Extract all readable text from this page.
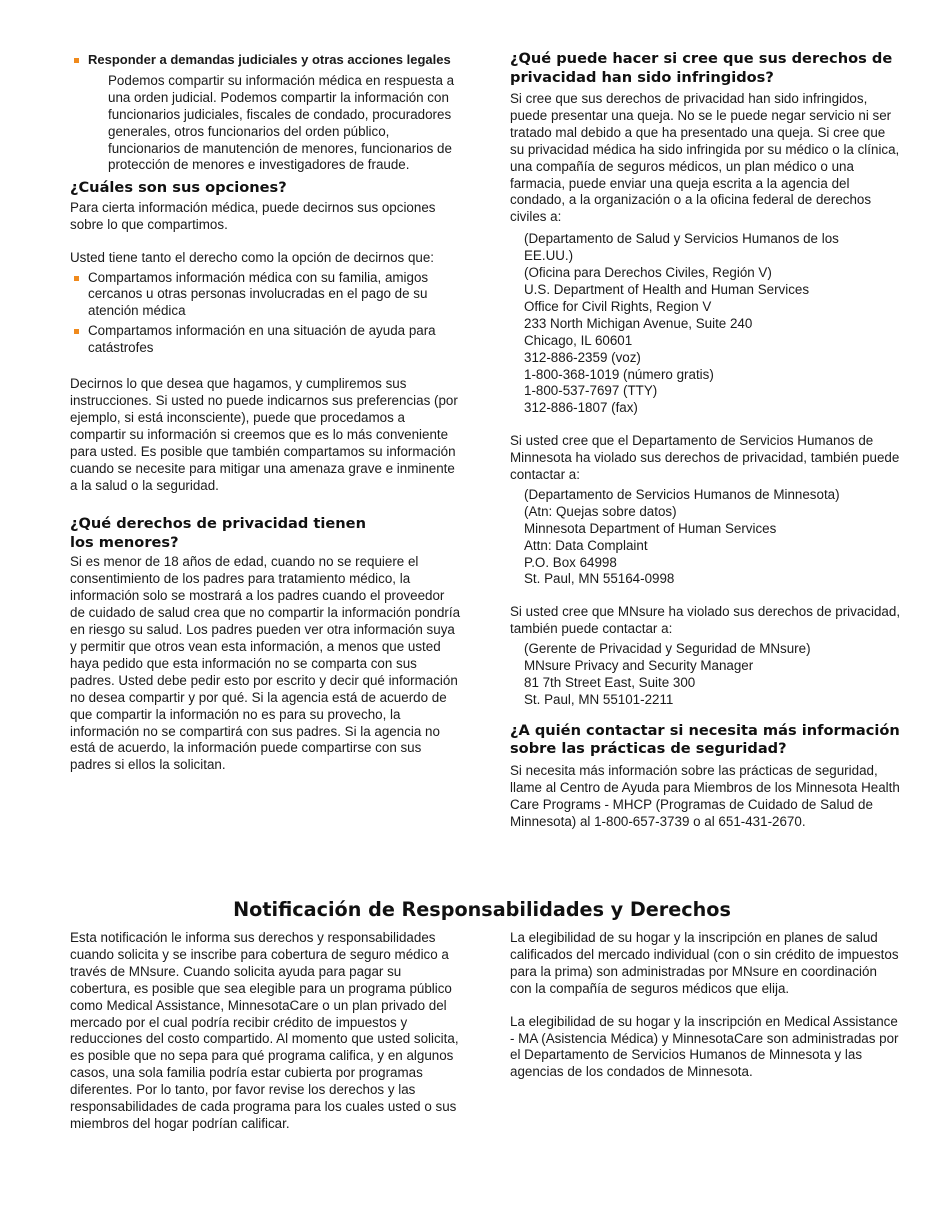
Responder a demandas judiciales y otras acciones legales

Podemos compartir su información médica en respuesta a una orden judicial. Podemos compartir la información con funcionarios judiciales, fiscales de condado, procuradores generales, otros funcionarios del orden público, funcionarios de manutención de menores, funcionarios de protección de menores e investigadores de fraude.

¿Cuáles son sus opciones?

Para cierta información médica, puede decirnos sus opciones sobre lo que compartimos.

Usted tiene tanto el derecho como la opción de decirnos que:

Compartamos información médica con su familia, amigos cercanos u otras personas involucradas en el pago de su atención médica
Compartamos información en una situación de ayuda para catástrofes

Decirnos lo que desea que hagamos, y cumpliremos sus instrucciones. Si usted no puede indicarnos sus preferencias (por ejemplo, si está inconsciente), puede que procedamos a compartir su información si creemos que es lo más conveniente para usted. Es posible que también compartamos su información cuando se necesite para mitigar una amenaza grave e inminente a la salud o la seguridad.

¿Qué derechos de privacidad tienen
los menores?

Si es menor de 18 años de edad, cuando no se requiere el consentimiento de los padres para tratamiento médico, la información solo se mostrará a los padres cuando el proveedor de cuidado de salud crea que no compartir la información pondría en riesgo su salud. Los padres pueden ver otra información suya y permitir que otros vean esta información, a menos que usted haya pedido que esta información no se comparta con sus padres. Usted debe pedir esto por escrito y decir qué información no desea compartir y por qué. Si la agencia está de acuerdo de que compartir la información no es para su provecho, la información no se compartirá con sus padres. Si la agencia no está de acuerdo, la información puede compartirse con sus padres si ellos la solicitan.

¿Qué puede hacer si cree que sus derechos de privacidad han sido infringidos?

Si cree que sus derechos de privacidad han sido infringidos, puede presentar una queja. No se le puede negar servicio ni ser tratado mal debido a que ha presentado una queja. Si cree que su privacidad médica ha sido infringida por su médico o la clínica, una compañía de seguros médicos, un plan médico o una farmacia, puede enviar una queja escrita a la agencia del condado, a la organización o a la oficina federal de derechos civiles a:

(Departamento de Salud y Servicios Humanos de los EE.UU.)

(Oficina para Derechos Civiles, Región V)

U.S. Department of Health and Human Services

Office for Civil Rights, Region V

233 North Michigan Avenue, Suite 240

Chicago, IL 60601

312-886-2359 (voz)

1-800-368-1019 (número gratis)

1-800-537-7697 (TTY)

312-886-1807 (fax)

Si usted cree que el Departamento de Servicios Humanos de Minnesota ha violado sus derechos de privacidad, también puede contactar a:

(Departamento de Servicios Humanos de Minnesota)

(Atn: Quejas sobre datos)

Minnesota Department of Human Services

Attn: Data Complaint

P.O. Box 64998

St. Paul, MN 55164-0998

Si usted cree que MNsure ha violado sus derechos de privacidad, también puede contactar a:

(Gerente de Privacidad y Seguridad de MNsure)

MNsure Privacy and Security Manager

81 7th Street East, Suite 300

St. Paul, MN 55101-2211

¿A quién contactar si necesita más información sobre las prácticas de seguridad?

Si necesita más información sobre las prácticas de seguridad, llame al Centro de Ayuda para Miembros de los Minnesota Health Care Programs - MHCP (Programas de Cuidado de Salud de Minnesota) al 1-800-657-3739 o al 651-431-2670.

Notificación de Responsabilidades y Derechos

Esta notificación le informa sus derechos y responsabilidades cuando solicita y se inscribe para cobertura de seguro médico a través de MNsure. Cuando solicita ayuda para pagar su cobertura, es posible que sea elegible para un programa público como Medical Assistance, MinnesotaCare o un plan privado del mercado por el cual podría recibir crédito de impuestos y reducciones del costo compartido. Al momento que usted solicita, es posible que no sepa para qué programa califica, y en algunos casos, una sola familia podría estar cubierta por programas diferentes. Por lo tanto, por favor revise los derechos y las responsabilidades de cada programa para los cuales usted o sus miembros del hogar podrían calificar.

La elegibilidad de su hogar y la inscripción en planes de salud calificados del mercado individual (con o sin crédito de impuestos para la prima) son administradas por MNsure en coordinación con la compañía de seguros médicos que elija.

La elegibilidad de su hogar y la inscripción en Medical Assistance - MA (Asistencia Médica) y MinnesotaCare son administradas por el Departamento de Servicios Humanos de Minnesota y las agencias de los condados de Minnesota.
